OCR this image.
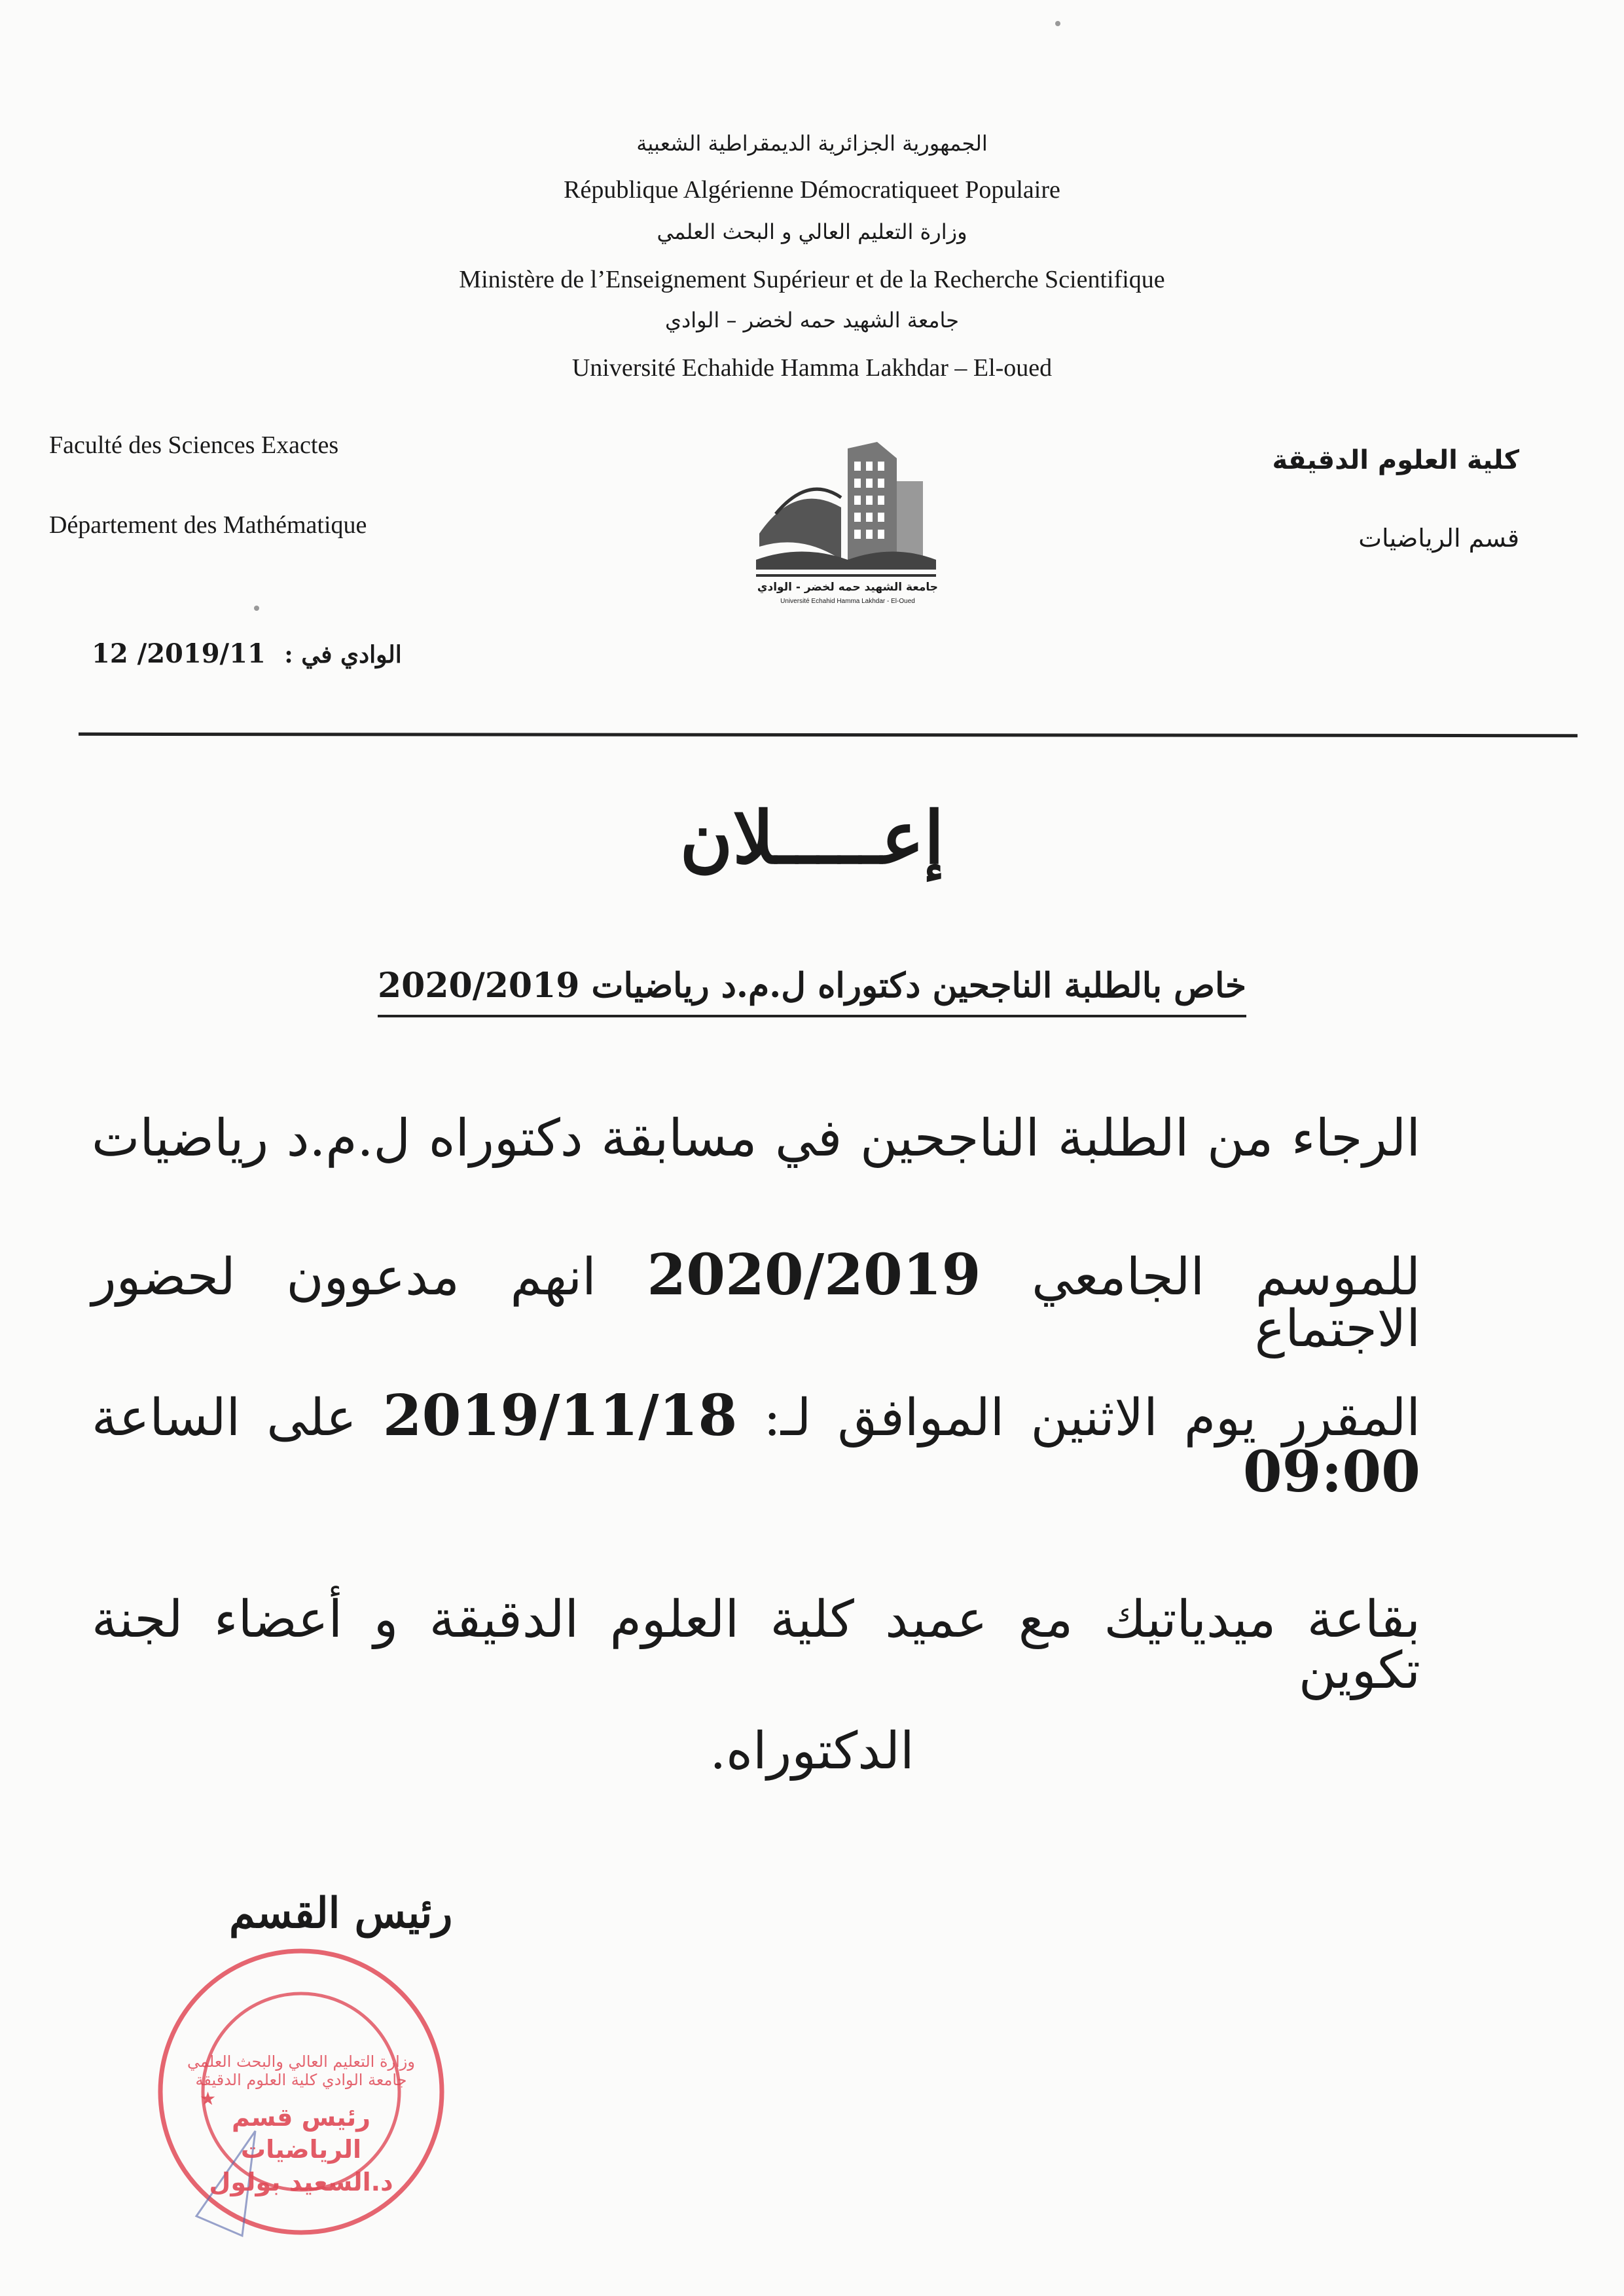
الجمهورية الجزائرية الديمقراطية الشعبية
République Algérienne Démocratiqueet Populaire
وزارة التعليم العالي و البحث العلمي
Ministère de l’Enseignement Supérieur et de la Recherche Scientifique
جامعة الشهيد حمه لخضر – الوادي
Université Echahide Hamma Lakhdar – El-oued
Faculté des Sciences Exactes
Département des Mathématique
كلية العلوم الدقيقة
قسم الرياضيات
جامعة الشهيد حمه لخضر - الوادي
Université Echahid Hamma Lakhdar - El-Oued
الوادي في : 2019/11/ 12
إعـــــلان
خاص بالطلبة الناجحين دكتوراه ل.م.د رياضيات 2020/2019
الرجاء من الطلبة الناجحين في مسابقة دكتوراه ل.م.د رياضيات
للموسم الجامعي 2020/2019 انهم مدعوون لحضور الاجتماع
المقرر يوم الاثنين الموافق لـ: 2019/11/18 على الساعة 09:00
بقاعة ميدياتيك مع عميد كلية العلوم الدقيقة و أعضاء لجنة تكوين
الدكتوراه.
رئيس القسم
★
وزارة التعليم العالي والبحث العلمي جامعة الوادي كلية العلوم الدقيقة
رئيس قسم الرياضيات د.السعيد بولول
